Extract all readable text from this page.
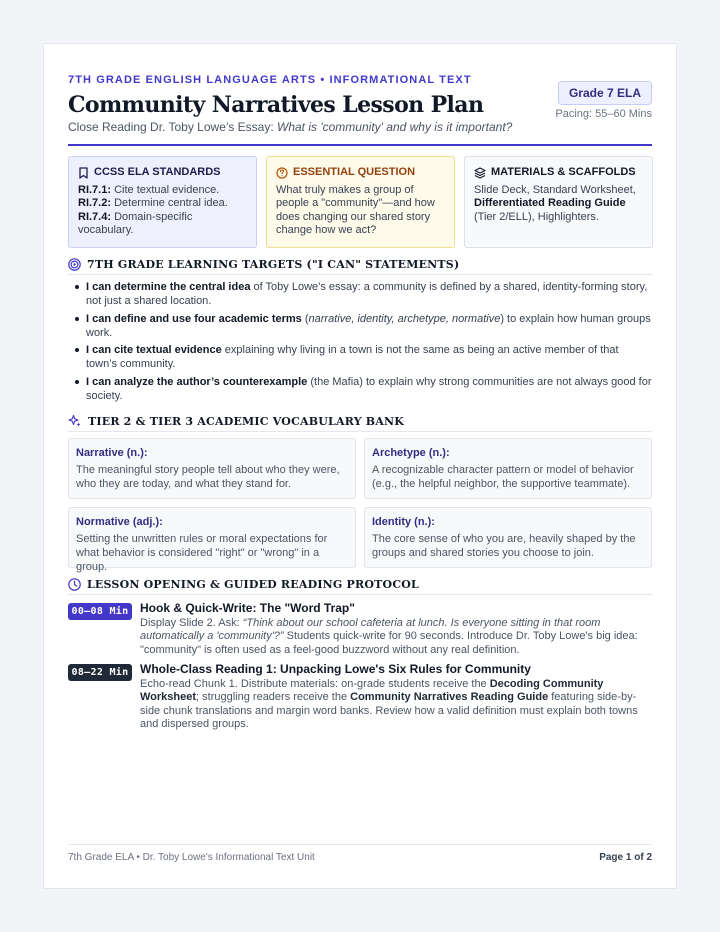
7TH GRADE ENGLISH LANGUAGE ARTS • INFORMATIONAL TEXT
Community Narratives Lesson Plan
Close Reading Dr. Toby Lowe’s Essay: What is 'community' and why is it important?
Grade 7 ELA
Pacing: 55–60 Mins
CCSS ELA STANDARDS

RI.7.1: Cite textual evidence.

RI.7.2: Determine central idea.

RI.7.4: Domain-specific vocabulary.

ESSENTIAL QUESTION

What truly makes a group of people a "community"—and how does changing our shared story change how we act?

MATERIALS & SCAFFOLDS

Slide Deck, Standard Worksheet, Differentiated Reading Guide (Tier 2/ELL), Highlighters.

7TH GRADE LEARNING TARGETS ("I CAN" STATEMENTS)
I can determine the central idea of Toby Lowe’s essay: a community is defined by a shared, identity-forming story, not just a shared location.
I can define and use four academic terms (narrative, identity, archetype, normative) to explain how human groups work.
I can cite textual evidence explaining why living in a town is not the same as being an active member of that town’s community.
I can analyze the author’s counterexample (the Mafia) to explain why strong communities are not always good for society.
TIER 2 & TIER 3 ACADEMIC VOCABULARY BANK
Narrative (n.):
The meaningful story people tell about who they were, who they are today, and what they stand for.
Archetype (n.):
A recognizable character pattern or model of behavior (e.g., the helpful neighbor, the supportive teammate).
Normative (adj.):
Setting the unwritten rules or moral expectations for what behavior is considered "right" or "wrong" in a group.
Identity (n.):
The core sense of who you are, heavily shaped by the groups and shared stories you choose to join.
LESSON OPENING & GUIDED READING PROTOCOL
00–08 Min Hook & Quick-Write: The "Word Trap"
Display Slide 2. Ask: “Think about our school cafeteria at lunch. Is everyone sitting in that room automatically a 'community'?” Students quick-write for 90 seconds. Introduce Dr. Toby Lowe's big idea: "community" is often used as a feel-good buzzword without any real definition.
08–22 Min Whole-Class Reading 1: Unpacking Lowe's Six Rules for Community
Echo-read Chunk 1. Distribute materials: on-grade students receive the Decoding Community Worksheet; struggling readers receive the Community Narratives Reading Guide featuring side-by-side chunk translations and margin word banks. Review how a valid definition must explain both towns and dispersed groups.
7th Grade ELA • Dr. Toby Lowe's Informational Text Unit	Page 1 of 2
